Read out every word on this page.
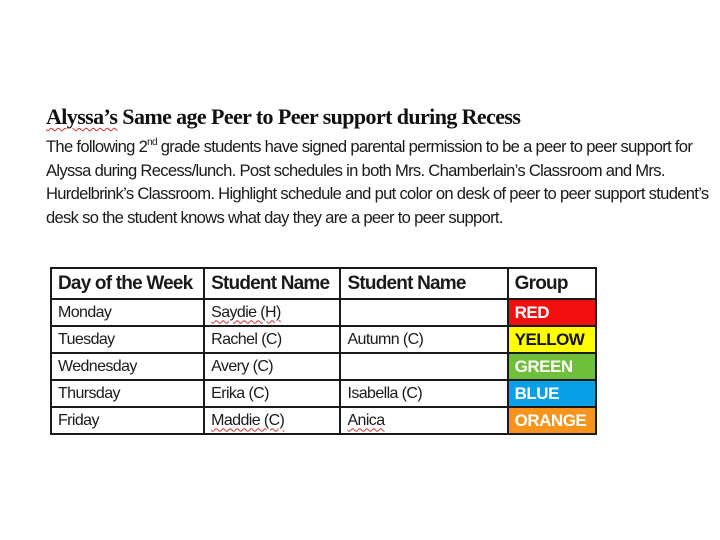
Alyssa’s Same age Peer to Peer support during Recess
The following 2nd grade students have signed parental permission to be a peer to peer support for
Alyssa during Recess/lunch. Post schedules in both Mrs. Chamberlain’s Classroom and Mrs.
Hurdelbrink’s Classroom. Highlight schedule and put color on desk of peer to peer support student’s
desk so the student knows what day they are a peer to peer support.
Day of the Week	Student Name	Student Name	Group
Monday	Saydie (H)		RED
Tuesday	Rachel (C)	Autumn (C)	YELLOW
Wednesday	Avery (C)		GREEN
Thursday	Erika (C)	Isabella (C)	BLUE
Friday	Maddie (C)	Anica	ORANGE
